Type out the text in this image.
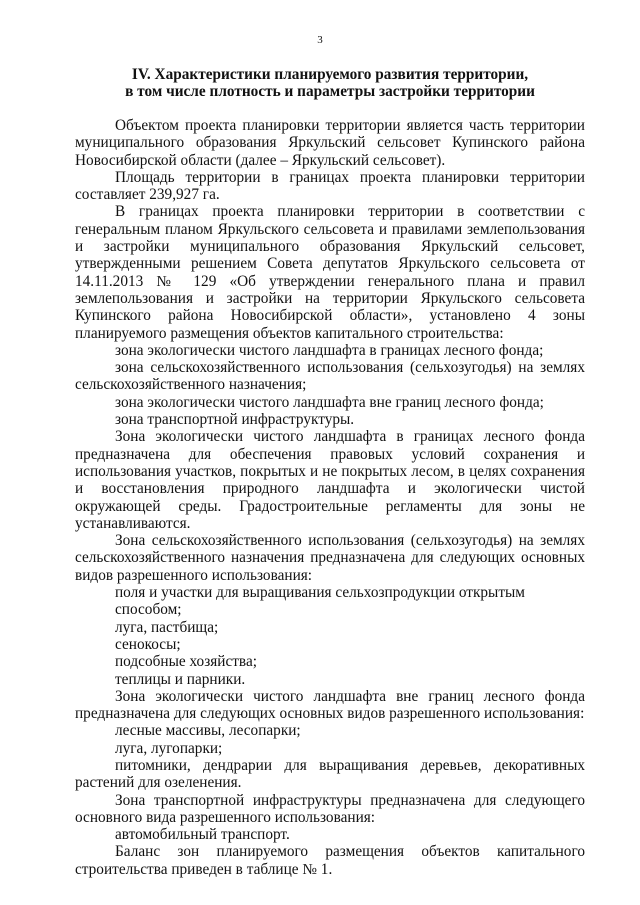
3
IV. Характеристики планируемого развития территории,
в том числе плотность и параметры застройки территории

Объектом проекта планировки территории является часть территории муниципального образования Яркульский сельсовет Купинского района Новосибирской области (далее – Яркульский сельсовет).

Площадь территории в границах проекта планировки территории составляет 239,927 га.

В границах проекта планировки территории в соответствии с генеральным планом Яркульского сельсовета и правилами землепользования и застройки муниципального образования Яркульский сельсовет, утвержденными решением Совета депутатов Яркульского сельсовета от 14.11.2013 № 129 «Об утверждении генерального плана и правил землепользования и застройки на территории Яркульского сельсовета Купинского района Новосибирской области», установлено 4 зоны планируемого размещения объектов капитального строительства:

зона экологически чистого ландшафта в границах лесного фонда;

зона сельскохозяйственного использования (сельхозугодья) на землях сельскохозяйственного назначения;

зона экологически чистого ландшафта вне границ лесного фонда;

зона транспортной инфраструктуры.

Зона экологически чистого ландшафта в границах лесного фонда предназначена для обеспечения правовых условий сохранения и использования участков, покрытых и не покрытых лесом, в целях сохранения и восстановления природного ландшафта и экологически чистой окружающей среды. Градостроительные регламенты для зоны не устанавливаются.

Зона сельскохозяйственного использования (сельхозугодья) на землях сельскохозяйственного назначения предназначена для следующих основных видов разрешенного использования:

поля и участки для выращивания сельхозпродукции открытым способом;

луга, пастбища;

сенокосы;

подсобные хозяйства;

теплицы и парники.

Зона экологически чистого ландшафта вне границ лесного фонда предназначена для следующих основных видов разрешенного использования:

лесные массивы, лесопарки;

луга, лугопарки;

питомники, дендрарии для выращивания деревьев, декоративных растений для озеленения.

Зона транспортной инфраструктуры предназначена для следующего основного вида разрешенного использования:

автомобильный транспорт.

Баланс зон планируемого размещения объектов капитального строительства приведен в таблице № 1.
